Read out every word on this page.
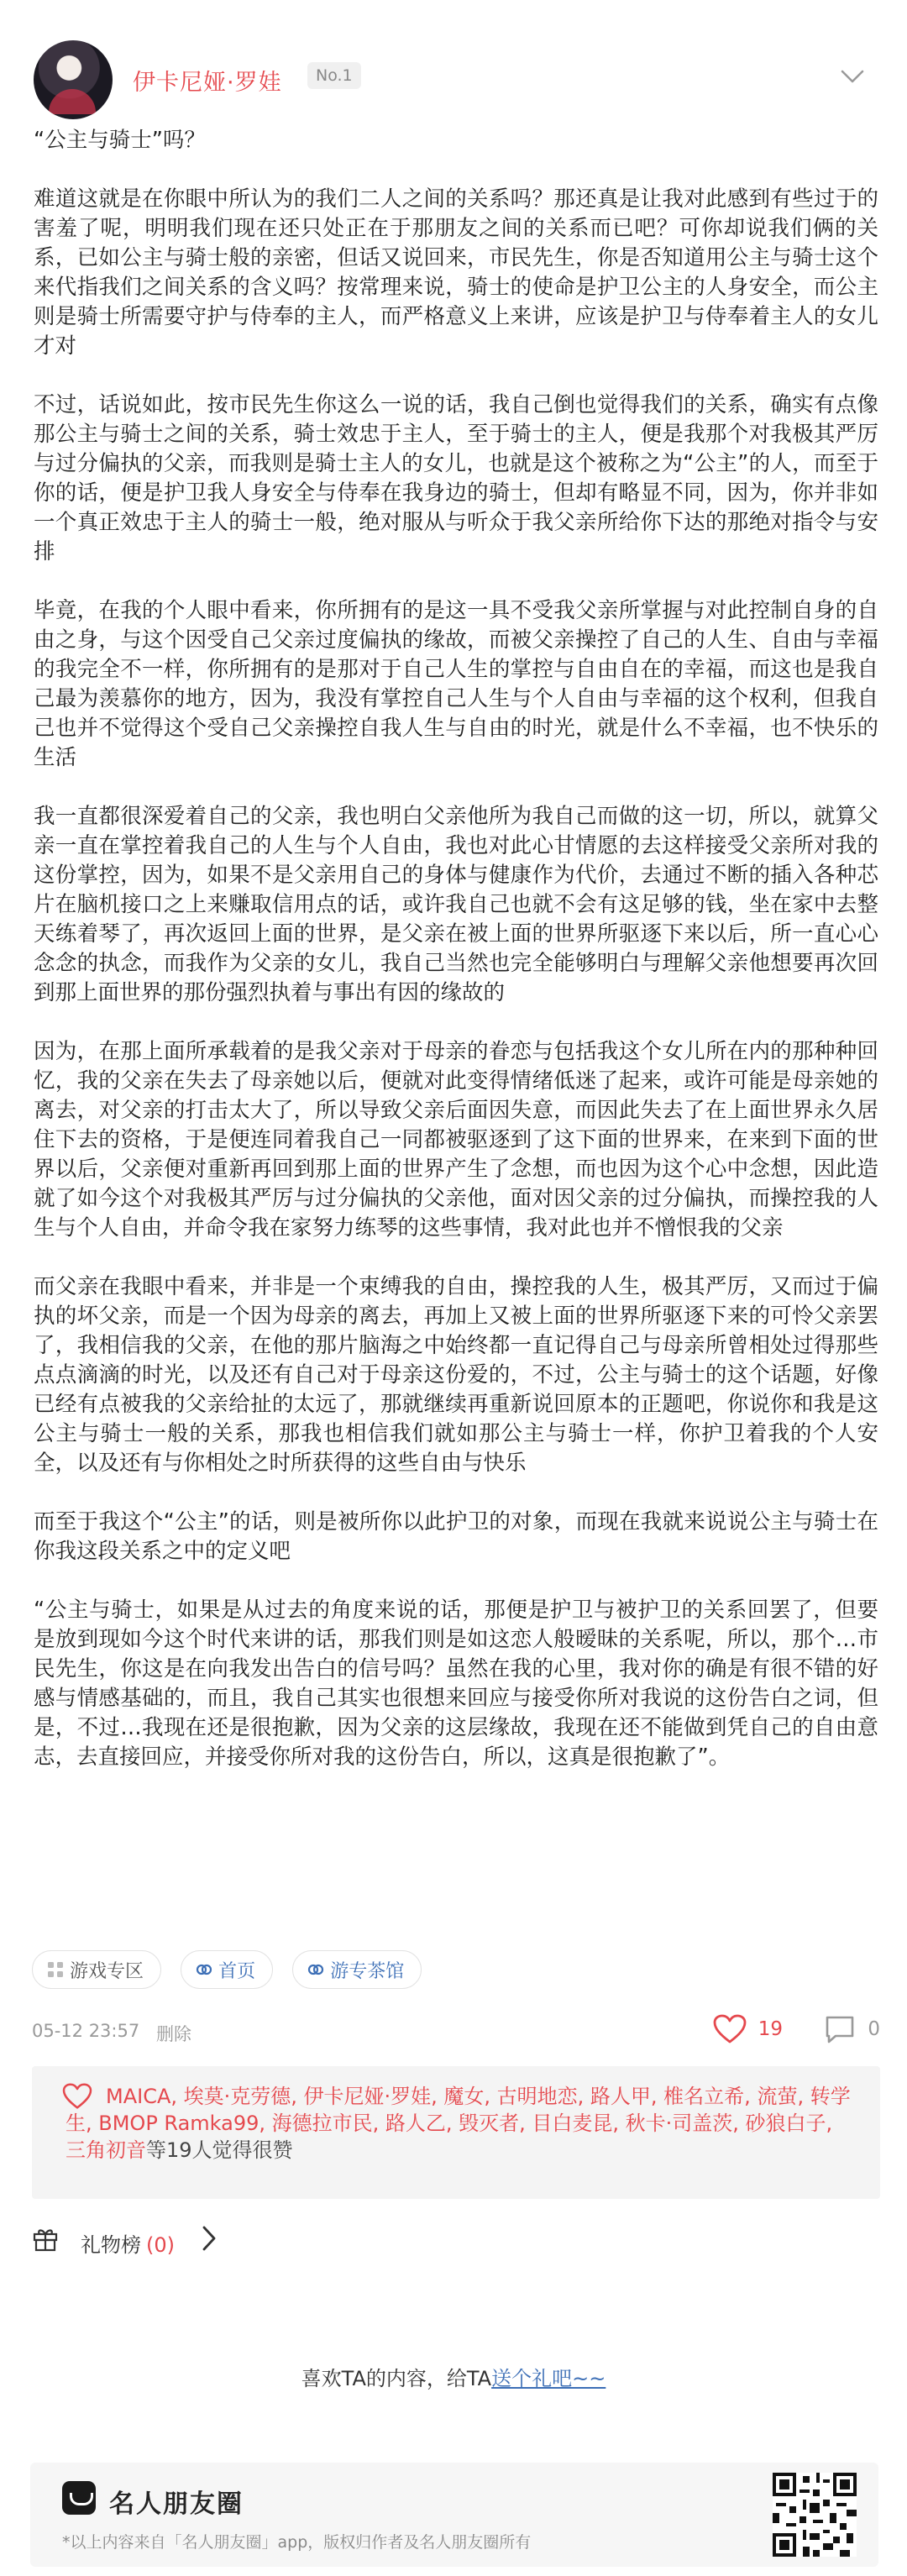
伊卡尼娅·罗娃	No.1

“公主与骑士”吗？

难道这就是在你眼中所认为的我们二人之间的关系吗？那还真是让我对此感到有些过于的害羞了呢，明明我们现在还只处正在于那朋友之间的关系而已吧？可你却说我们俩的关系，已如公主与骑士般的亲密，但话又说回来，市民先生，你是否知道用公主与骑士这个来代指我们之间关系的含义吗？按常理来说，骑士的使命是护卫公主的人身安全，而公主则是骑士所需要守护与侍奉的主人，而严格意义上来讲，应该是护卫与侍奉着主人的女儿才对

不过，话说如此，按市民先生你这么一说的话，我自己倒也觉得我们的关系，确实有点像那公主与骑士之间的关系，骑士效忠于主人，至于骑士的主人，便是我那个对我极其严厉与过分偏执的父亲，而我则是骑士主人的女儿，也就是这个被称之为“公主”的人，而至于你的话，便是护卫我人身安全与侍奉在我身边的骑士，但却有略显不同，因为，你并非如一个真正效忠于主人的骑士一般，绝对服从与听众于我父亲所给你下达的那绝对指令与安排

毕竟，在我的个人眼中看来，你所拥有的是这一具不受我父亲所掌握与对此控制自身的自由之身，与这个因受自己父亲过度偏执的缘故，而被父亲操控了自己的人生、自由与幸福的我完全不一样，你所拥有的是那对于自己人生的掌控与自由自在的幸福，而这也是我自己最为羡慕你的地方，因为，我没有掌控自己人生与个人自由与幸福的这个权利，但我自己也并不觉得这个受自己父亲操控自我人生与自由的时光，就是什么不幸福，也不快乐的生活

我一直都很深爱着自己的父亲，我也明白父亲他所为我自己而做的这一切，所以，就算父亲一直在掌控着我自己的人生与个人自由，我也对此心甘情愿的去这样接受父亲所对我的这份掌控，因为，如果不是父亲用自己的身体与健康作为代价，去通过不断的插入各种芯片在脑机接口之上来赚取信用点的话，或许我自己也就不会有这足够的钱，坐在家中去整天练着琴了，再次返回上面的世界，是父亲在被上面的世界所驱逐下来以后，所一直心心念念的执念，而我作为父亲的女儿，我自己当然也完全能够明白与理解父亲他想要再次回到那上面世界的那份强烈执着与事出有因的缘故的

因为，在那上面所承载着的是我父亲对于母亲的眷恋与包括我这个女儿所在内的那种种回忆，我的父亲在失去了母亲她以后，便就对此变得情绪低迷了起来，或许可能是母亲她的离去，对父亲的打击太大了，所以导致父亲后面因失意，而因此失去了在上面世界永久居住下去的资格，于是便连同着我自己一同都被驱逐到了这下面的世界来，在来到下面的世界以后，父亲便对重新再回到那上面的世界产生了念想，而也因为这个心中念想，因此造就了如今这个对我极其严厉与过分偏执的父亲他，面对因父亲的过分偏执，而操控我的人生与个人自由，并命令我在家努力练琴的这些事情，我对此也并不憎恨我的父亲

而父亲在我眼中看来，并非是一个束缚我的自由，操控我的人生，极其严厉，又而过于偏执的坏父亲，而是一个因为母亲的离去，再加上又被上面的世界所驱逐下来的可怜父亲罢了，我相信我的父亲，在他的那片脑海之中始终都一直记得自己与母亲所曾相处过得那些点点滴滴的时光，以及还有自己对于母亲这份爱的，不过，公主与骑士的这个话题，好像已经有点被我的父亲给扯的太远了，那就继续再重新说回原本的正题吧，你说你和我是这公主与骑士一般的关系，那我也相信我们就如那公主与骑士一样，你护卫着我的个人安全，以及还有与你相处之时所获得的这些自由与快乐

而至于我这个“公主”的话，则是被所你以此护卫的对象，而现在我就来说说公主与骑士在你我这段关系之中的定义吧

“公主与骑士，如果是从过去的角度来说的话，那便是护卫与被护卫的关系回罢了，但要是放到现如今这个时代来讲的话，那我们则是如这恋人般暧昧的关系呢，所以，那个…市民先生，你这是在向我发出告白的信号吗？虽然在我的心里，我对你的确是有很不错的好感与情感基础的，而且，我自己其实也很想来回应与接受你所对我说的这份告白之词，但是，不过…我现在还是很抱歉，因为父亲的这层缘故，我现在还不能做到凭自己的自由意志，去直接回应，并接受你所对我的这份告白，所以，这真是很抱歉了”。

游戏专区
	首页
	游专茶馆
05-12 23:57 删除	19	0
MAICA, 埃莫·克劳德, 伊卡尼娅·罗娃, 魔女, 古明地恋, 路人甲, 椎名立希, 流萤, 转学生, BMOP Ramka99, 海德拉市民, 路人乙, 毁灭者, 目白麦昆, 秋卡·司盖茨, 砂狼白子, 三角初音等19人觉得很赞
礼物榜 (0)
喜欢TA的内容，给TA送个礼吧~~
名人朋友圈
*以上内容来自「名人朋友圈」app，版权归作者及名人朋友圈所有
